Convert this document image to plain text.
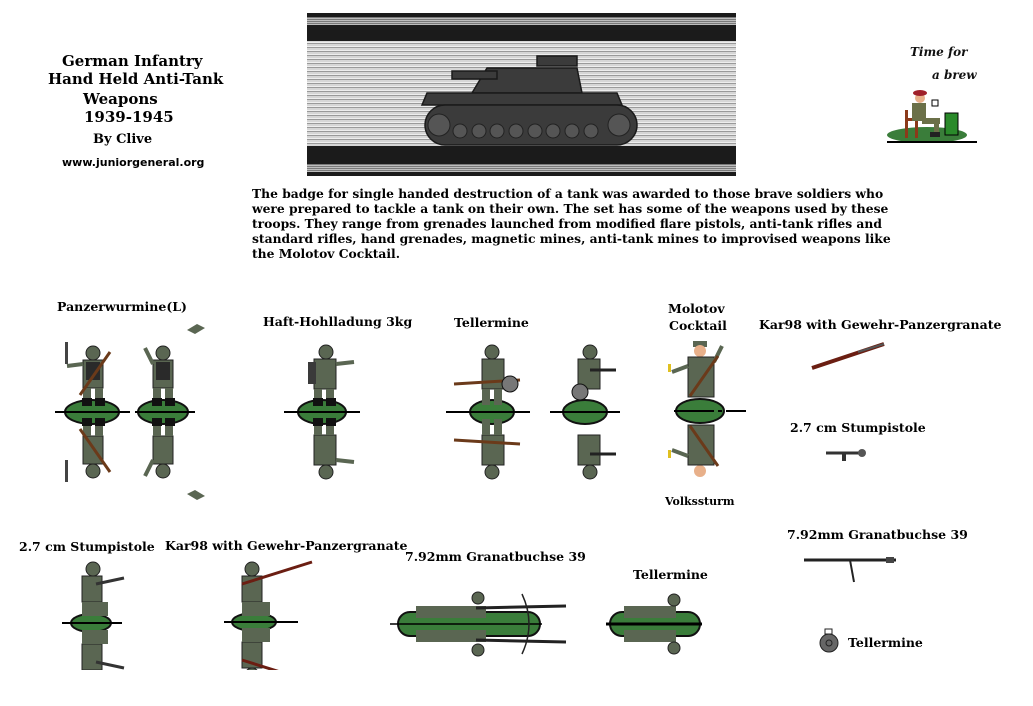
German Infantry
Hand Held Anti-Tank
Weapons
1939-1945
By Clive
www.juniorgeneral.org
Time for
a brew
The badge for single handed destruction of a tank was awarded to those brave soldiers who were prepared to tackle a tank on their own. The set has some of the weapons used by these troops. They range from grenades launched from modified flare pistols, anti-tank rifles and standard rifles, hand grenades, magnetic mines, anti-tank mines to improvised weapons like the Molotov Cocktail.
Panzerwurmine(L)
Haft-Hohlladung 3kg	Tellermine
Molotov
Cocktail
Volkssturm
Kar98 with Gewehr-Panzergranate
2.7 cm Stumpistole
2.7 cm Stumpistole Kar98 with Gewehr-Panzergranate
7.92mm Granatbuchse 39
Tellermine
7.92mm Granatbuchse 39
Tellermine
